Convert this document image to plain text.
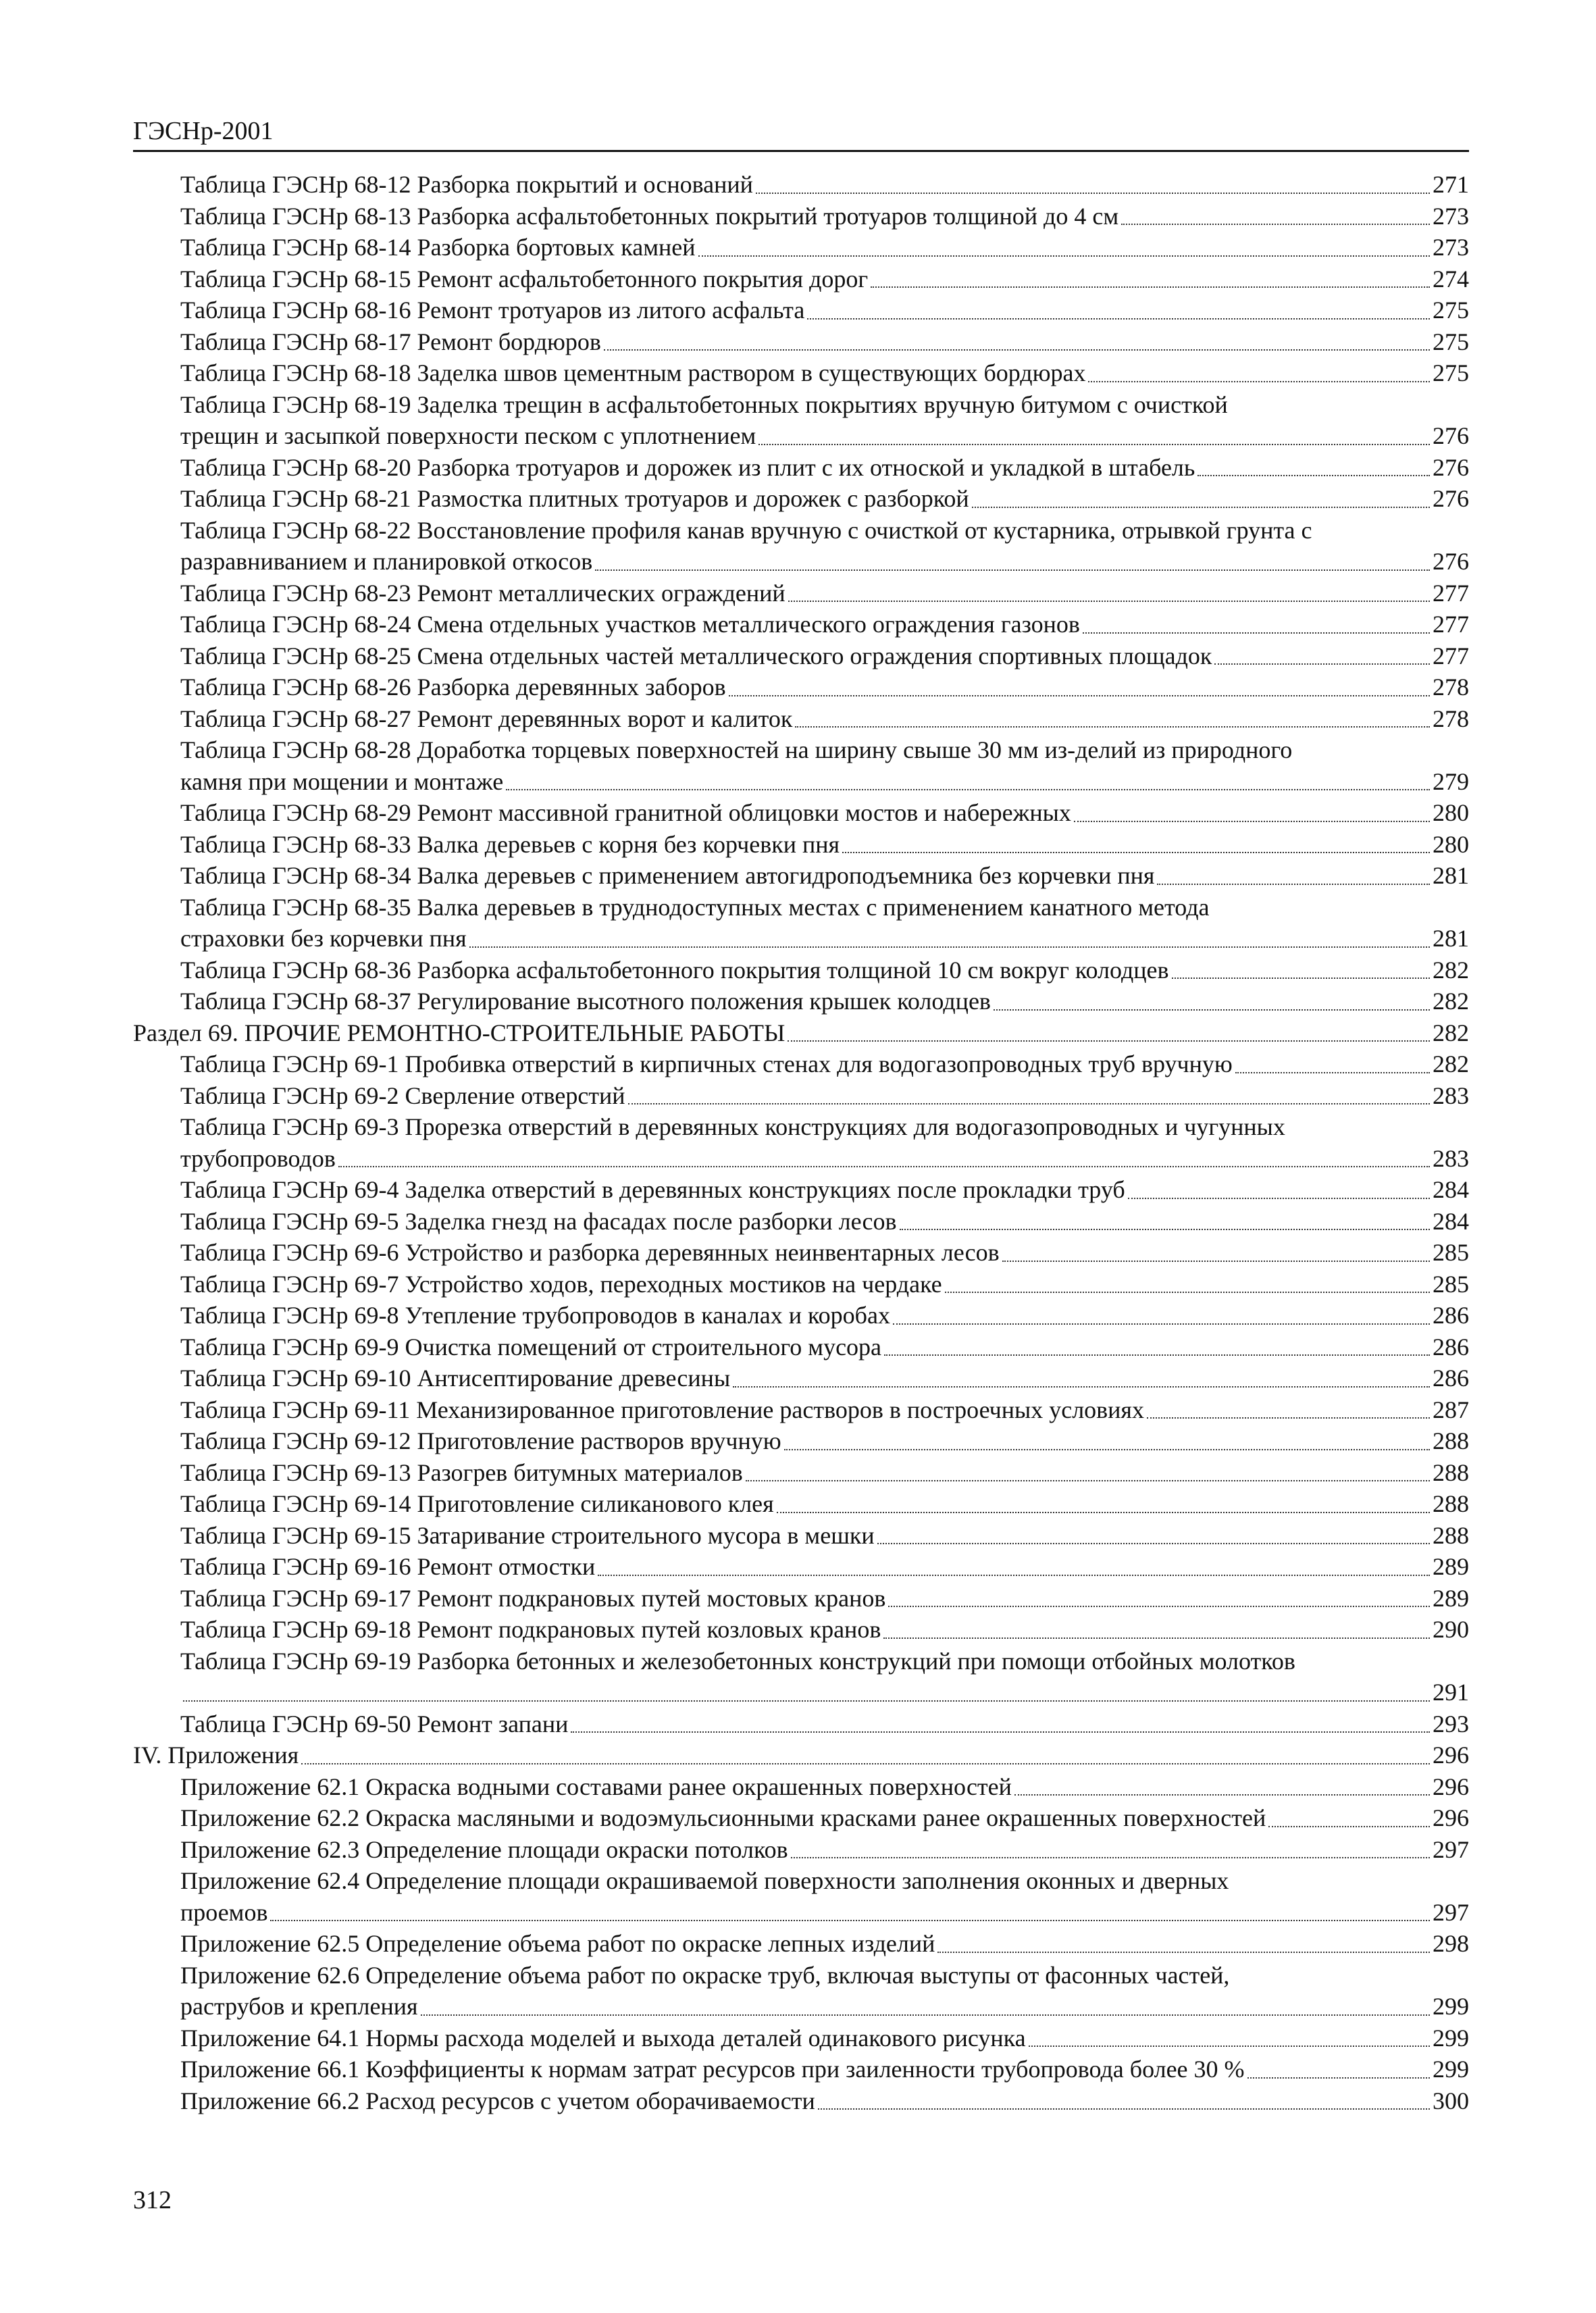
ГЭСНр-2001
Таблица ГЭСНр 68-12 Разборка покрытий и оснований	271
Таблица ГЭСНр 68-13 Разборка асфальтобетонных покрытий тротуаров толщиной до 4 см	273
Таблица ГЭСНр 68-14 Разборка бортовых камней	273
Таблица ГЭСНр 68-15 Ремонт асфальтобетонного покрытия дорог	274
Таблица ГЭСНр 68-16 Ремонт тротуаров из литого асфальта	275
Таблица ГЭСНр 68-17 Ремонт бордюров	275
Таблица ГЭСНр 68-18 Заделка швов цементным раствором в существующих бордюрах	275
Таблица ГЭСНр 68-19 Заделка трещин в асфальтобетонных покрытиях вручную битумом с очисткой
трещин и засыпкой поверхности песком с уплотнением	276
Таблица ГЭСНр 68-20 Разборка тротуаров и дорожек из плит с их отноской и укладкой в штабель	276
Таблица ГЭСНр 68-21 Размостка плитных тротуаров и дорожек с разборкой	276
Таблица ГЭСНр 68-22 Восстановление профиля канав вручную с очисткой от кустарника, отрывкой грунта с
разравниванием и планировкой откосов	276
Таблица ГЭСНр 68-23 Ремонт металлических ограждений	277
Таблица ГЭСНр 68-24 Смена отдельных участков металлического ограждения газонов	277
Таблица ГЭСНр 68-25 Смена отдельных частей металлического ограждения спортивных площадок	277
Таблица ГЭСНр 68-26 Разборка деревянных заборов	278
Таблица ГЭСНр 68-27 Ремонт деревянных ворот и калиток	278
Таблица ГЭСНр 68-28 Доработка торцевых поверхностей на ширину свыше 30 мм из-делий из природного
камня при мощении и монтаже	279
Таблица ГЭСНр 68-29 Ремонт массивной гранитной облицовки мостов и набережных	280
Таблица ГЭСНр 68-33 Валка деревьев с корня без корчевки пня	280
Таблица ГЭСНр 68-34 Валка деревьев с применением автогидроподъемника без корчевки пня	281
Таблица ГЭСНр 68-35 Валка деревьев в труднодоступных местах с применением канатного метода
страховки без корчевки пня	281
Таблица ГЭСНр 68-36 Разборка асфальтобетонного покрытия толщиной 10 см вокруг колодцев	282
Таблица ГЭСНр 68-37 Регулирование высотного положения крышек колодцев	282
Раздел 69. ПРОЧИЕ РЕМОНТНО-СТРОИТЕЛЬНЫЕ РАБОТЫ	282
Таблица ГЭСНр 69-1 Пробивка отверстий в кирпичных стенах для водогазопроводных труб вручную	282
Таблица ГЭСНр 69-2 Сверление отверстий	283
Таблица ГЭСНр 69-3 Прорезка отверстий в деревянных конструкциях для водогазопроводных и чугунных
трубопроводов	283
Таблица ГЭСНр 69-4 Заделка отверстий в деревянных конструкциях после прокладки труб	284
Таблица ГЭСНр 69-5 Заделка гнезд на фасадах после разборки лесов	284
Таблица ГЭСНр 69-6 Устройство и разборка деревянных неинвентарных лесов	285
Таблица ГЭСНр 69-7 Устройство ходов, переходных мостиков на чердаке	285
Таблица ГЭСНр 69-8 Утепление трубопроводов в каналах и коробах	286
Таблица ГЭСНр 69-9 Очистка помещений от строительного мусора	286
Таблица ГЭСНр 69-10 Антисептирование древесины	286
Таблица ГЭСНр 69-11 Механизированное приготовление растворов в построечных условиях	287
Таблица ГЭСНр 69-12 Приготовление растворов вручную	288
Таблица ГЭСНр 69-13 Разогрев битумных материалов	288
Таблица ГЭСНр 69-14 Приготовление силиканового клея	288
Таблица ГЭСНр 69-15 Затаривание строительного мусора в мешки	288
Таблица ГЭСНр 69-16 Ремонт отмостки	289
Таблица ГЭСНр 69-17 Ремонт подкрановых путей мостовых кранов	289
Таблица ГЭСНр 69-18 Ремонт подкрановых путей козловых кранов	290
Таблица ГЭСНр 69-19 Разборка бетонных и железобетонных конструкций при помощи отбойных молотков
291
Таблица ГЭСНр 69-50 Ремонт запани	293
IV. Приложения	296
Приложение 62.1 Окраска водными составами ранее окрашенных поверхностей	296
Приложение 62.2 Окраска масляными и водоэмульсионными красками ранее окрашенных поверхностей	296
Приложение 62.3 Определение площади окраски потолков	297
Приложение 62.4 Определение площади окрашиваемой поверхности заполнения оконных и дверных
проемов	297
Приложение 62.5 Определение объема работ по окраске лепных изделий	298
Приложение 62.6 Определение объема работ по окраске труб, включая выступы от фасонных частей,
раструбов и крепления	299
Приложение 64.1 Нормы расхода моделей и выхода деталей одинакового рисунка	299
Приложение 66.1 Коэффициенты к нормам затрат ресурсов при заиленности трубопровода более 30 %	299
Приложение 66.2 Расход ресурсов с учетом оборачиваемости	300
312
